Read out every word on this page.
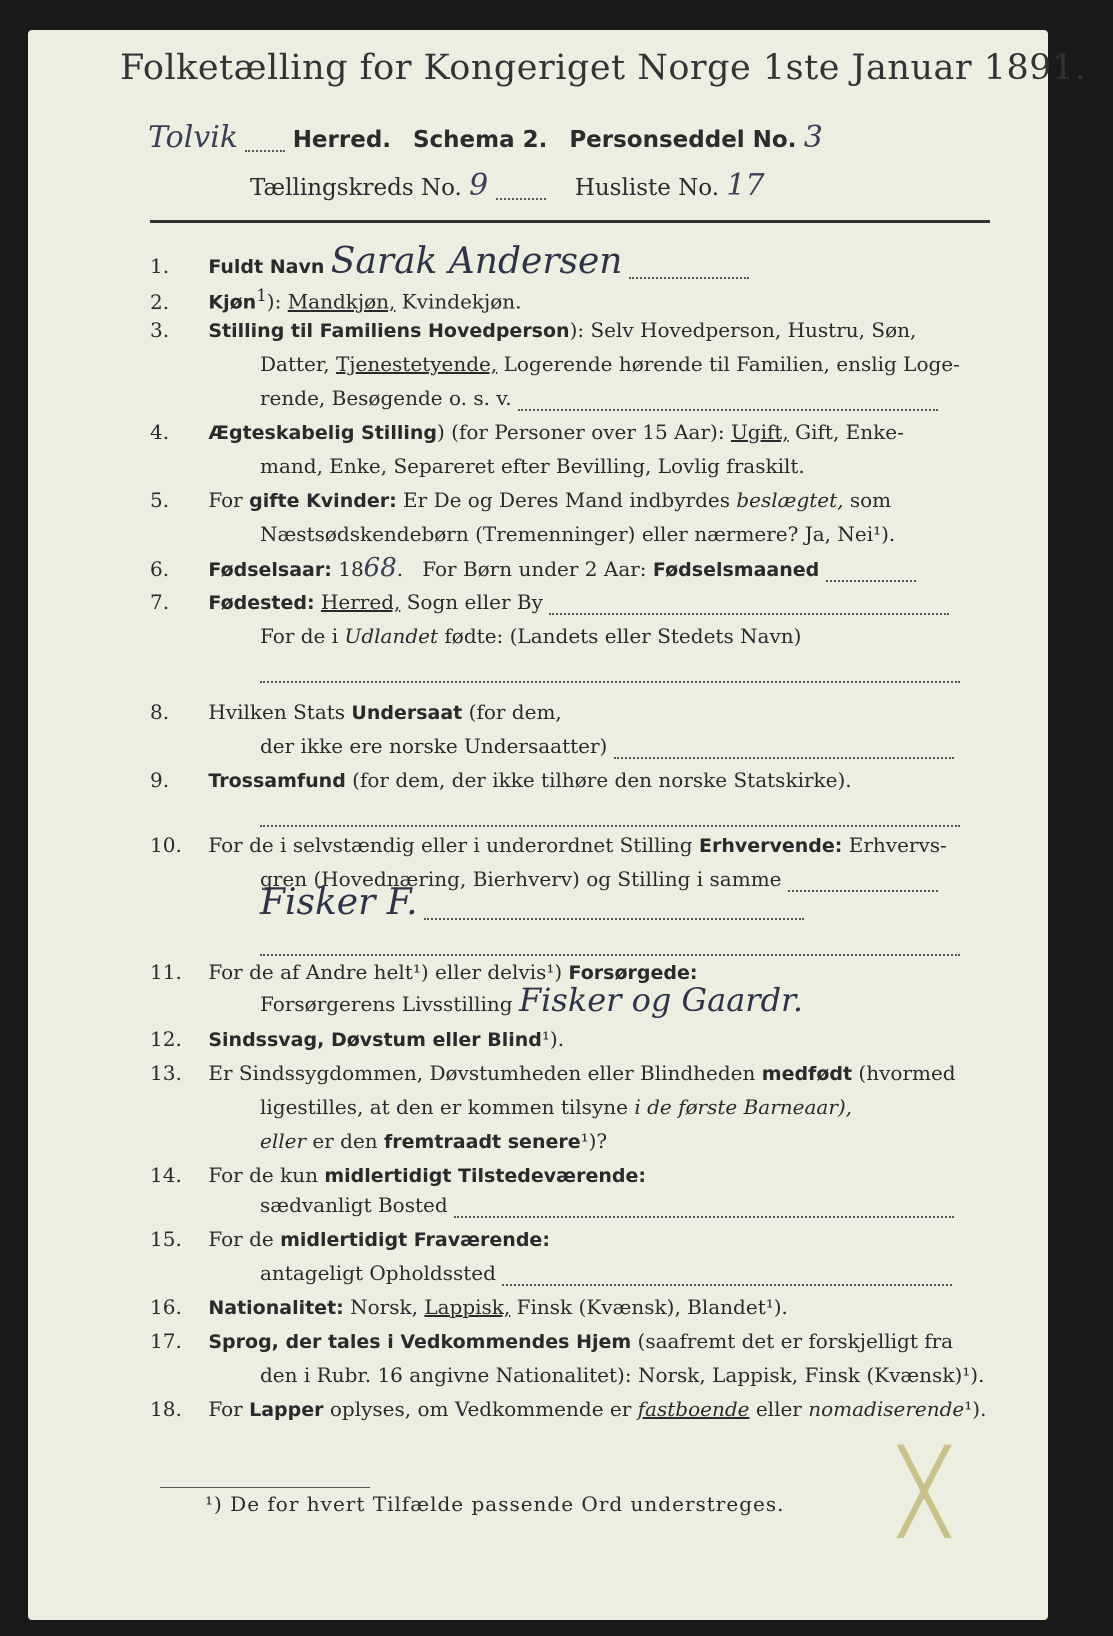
Folketælling for Kongeriget Norge 1ste Januar 1891.
Tolvik Herred. Schema 2. Personseddel No. 3
Tællingskreds No. 9	Husliste No. 17
1. Fuldt Navn Sarak Andersen
2. Kjøn$^1$): Mandkjøn, Kvindekjøn.
3. Stilling til Familiens Hovedperson): Selv Hovedperson, Hustru, Søn,
Datter, Tjenestetyende, Logerende hørende til Familien, enslig Loge-
rende, Besøgende o. s. v.
4. Ægteskabelig Stilling) (for Personer over 15 Aar): Ugift, Gift, Enke-
mand, Enke, Separeret efter Bevilling, Lovlig fraskilt.
5. For gifte Kvinder: Er De og Deres Mand indbyrdes beslægtet, som
Næstsødskendebørn (Tremenninger) eller nærmere? Ja, Nei¹).
6. Fødselsaar: 1868.   For Børn under 2 Aar: Fødselsmaaned
7. Fødested: Herred, Sogn eller By
For de i Udlandet fødte: (Landets eller Stedets Navn)
8. Hvilken Stats Undersaat (for dem,
der ikke ere norske Undersaatter)
9. Trossamfund (for dem, der ikke tilhøre den norske Statskirke).
10. For de i selvstændig eller i underordnet Stilling Erhvervende: Erhvervs-
gren (Hovednæring, Bierhverv) og Stilling i samme
Fisker F.
11. For de af Andre helt¹) eller delvis¹) Forsørgede:
Forsørgerens Livsstilling Fisker og Gaardr.
12. Sindssvag, Døvstum eller Blind¹).
13. Er Sindssygdommen, Døvstumheden eller Blindheden medfødt (hvormed
ligestilles, at den er kommen tilsyne i de første Barneaar),
eller er den fremtraadt senere¹)?
14. For de kun midlertidigt Tilstedeværende:
sædvanligt Bosted
15. For de midlertidigt Fraværende:
antageligt Opholdssted
16. Nationalitet: Norsk, Lappisk, Finsk (Kvænsk), Blandet¹).
17. Sprog, der tales i Vedkommendes Hjem (saafremt det er forskjelligt fra
den i Rubr. 16 angivne Nationalitet): Norsk, Lappisk, Finsk (Kvænsk)¹).
18. For Lapper oplyses, om Vedkommende er fastboende eller nomadiserende¹).
¹) De for hvert Tilfælde passende Ord understreges. ╳
